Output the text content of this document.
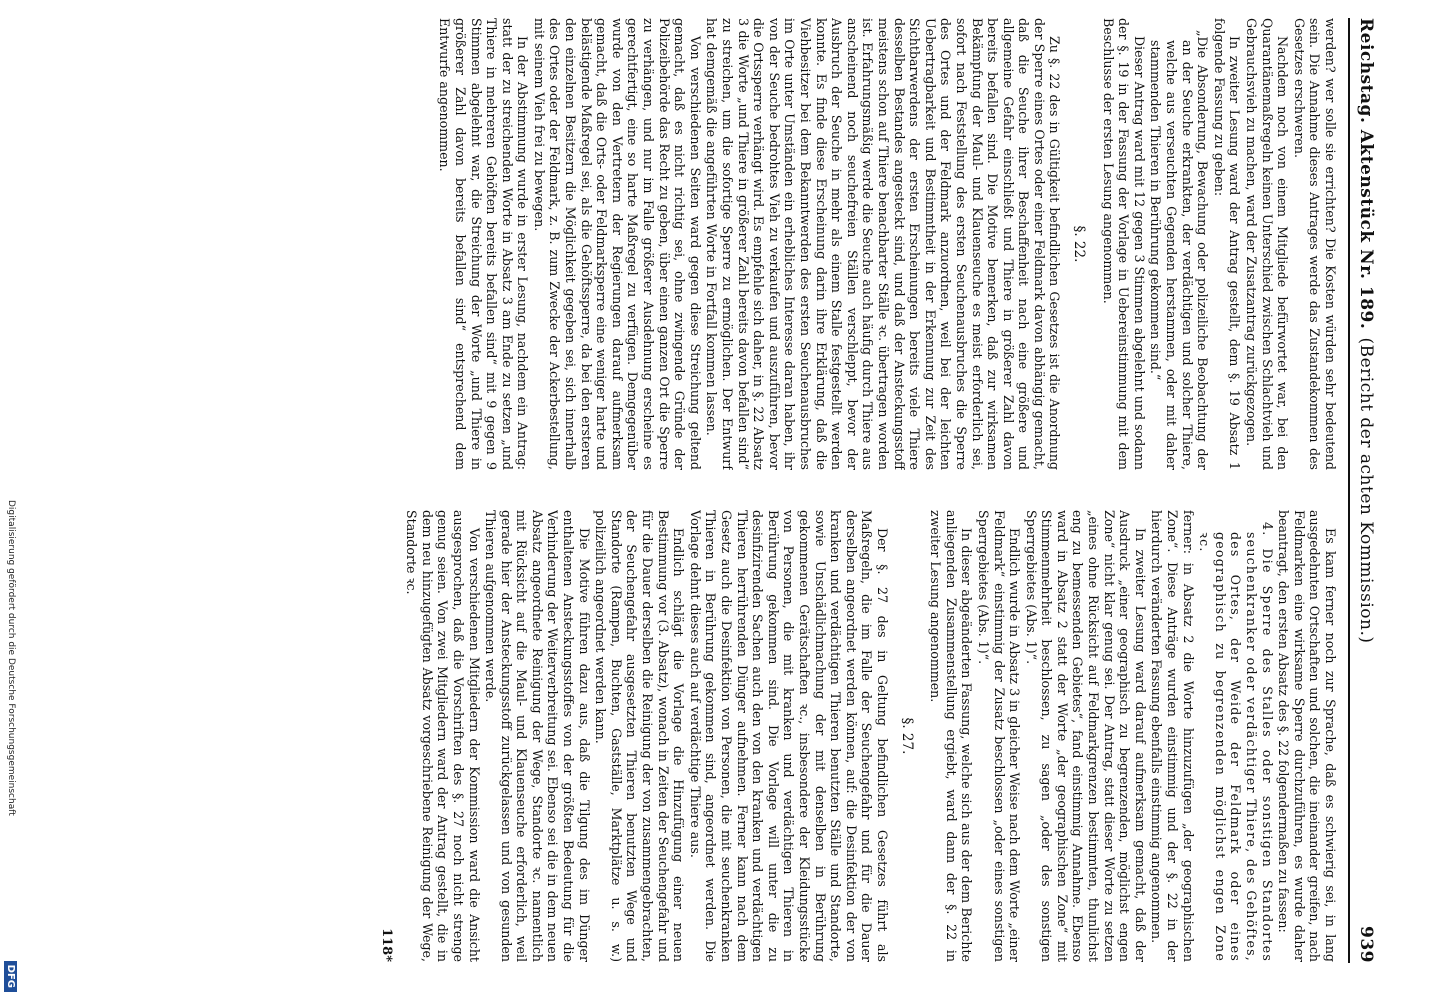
Reichstag. Aktenstück Nr. 189.
(Bericht der achten Kommission.)
939

werden? wer solle sie errichten? Die Kosten würden sehr bedeutend sein. Die Annahme dieses Antrages werde das Zustandekommen des Gesetzes erschweren.

Nachdem noch von einem Mitgliede befürwortet war, bei den Quarantänemaßregeln keinen Unterschied zwischen Schlachtvieh und Gebrauchsvieh zu machen, ward der Zusatzantrag zurückgezogen.

In zweiter Lesung ward der Antrag gestellt, dem §. 19 Absatz 1 folgende Fassung zu geben:

„Die Absonderung, Bewachung oder polizeiliche Beobachtung der an der Seuche erkrankten, der verdächtigen und solcher Thiere, welche aus verseuchten Gegenden herstammen, oder mit daher stammenden Thieren in Berührung gekommen sind.“

Dieser Antrag ward mit 12 gegen 3 Stimmen abgelehnt und sodann der §. 19 in der Fassung der Vorlage in Uebereinstimmung mit dem Beschlusse der ersten Lesung angenommen.

§. 22.

Zu §. 22 des in Gültigkeit befindlichen Gesetzes ist die Anordnung der Sperre eines Ortes oder einer Feldmark davon abhängig gemacht, daß die Seuche ihrer Beschaffenheit nach eine größere und allgemeine Gefahr einschließt und Thiere in größerer Zahl davon bereits befallen sind. Die Motive bemerken, daß zur wirksamen Bekämpfung der Maul- und Klauenseuche es meist erforderlich sei, sofort nach Feststellung des ersten Seuchenausbruches die Sperre des Ortes und der Feldmark anzuordnen, weil bei der leichten Uebertragbarkeit und Bestimmtheit in der Erkennung zur Zeit des Sichtbarwerdens der ersten Erscheinungen bereits viele Thiere desselben Bestandes angesteckt sind, und daß der Ansteckungsstoff meistens schon auf Thiere benachbarter Ställe ꝛc. übertragen worden ist. Erfahrungsmäßig werde die Seuche auch häufig durch Thiere aus anscheinend noch seuchefreien Ställen verschleppt, bevor der Ausbruch der Seuche in mehr als einem Stalle festgestellt werden konnte. Es finde diese Erscheinung darin ihre Erklärung, daß die Viehbesitzer bei dem Bekanntwerden des ersten Seuchenausbruches im Orte unter Umständen ein erhebliches Interesse daran haben, ihr von der Seuche bedrohtes Vieh zu verkaufen und auszuführen, bevor die Ortssperre verhängt wird. Es empfehle sich daher, in §. 22 Absatz 3 die Worte „und Thiere in größerer Zahl bereits davon befallen sind“ zu streichen, um die sofortige Sperre zu ermöglichen. Der Entwurf hat demgemäß die angeführten Worte in Fortfall kommen lassen.

Von verschiedenen Seiten ward gegen diese Streichung geltend gemacht, daß es nicht richtig sei, ohne zwingende Gründe der Polizeibehörde das Recht zu geben, über einen ganzen Ort die Sperre zu verhängen, und nur im Falle größerer Ausdehnung erscheine es gerechtfertigt, eine so harte Maßregel zu verfügen. Demgegenüber wurde von den Vertretern der Regierungen darauf aufmerksam gemacht, daß die Orts- oder Feldmarksperre eine weniger harte und belästigende Maßregel sei, als die Gehöftssperre, da bei den ersteren den einzelnen Besitzern die Möglichkeit gegeben sei, sich innerhalb des Ortes oder der Feldmark, z. B. zum Zwecke der Ackerbestellung, mit seinem Vieh frei zu bewegen.

In der Abstimmung wurde in erster Lesung, nachdem ein Antrag: statt der zu streichenden Worte in Absatz 3 am Ende zu setzen „und Thiere in mehreren Gehöften bereits befallen sind“ mit 9 gegen 9 Stimmen abgelehnt war, die Streichung der Worte „und Thiere in größerer Zahl davon bereits befallen sind“ entsprechend dem Entwurfe angenommen.

Es kam ferner noch zur Sprache, daß es schwierig sei, in lang ausgedehnten Ortschaften und solchen, die ineinander greifen, nach Feldmarken eine wirksame Sperre durchzuführen, es wurde daher beantragt, den ersten Absatz des §. 22 folgendermaßen zu fassen:

4. Die Sperre des Stalles oder sonstigen Standortes seuchenkranker oder verdächtiger Thiere, des Gehöftes, des Ortes, der Weide der Feldmark oder eines geographisch zu begrenzenden möglichst engen Zone ꝛc.

ferner: in Absatz 2 die Worte hinzuzufügen „der geographischen Zone“. Diese Anträge wurden einstimmig und der §. 22 in der hierdurch veränderten Fassung ebenfalls einstimmig angenommen.

In zweiter Lesung ward darauf aufmerksam gemacht, daß der Ausdruck „einer geographisch zu begrenzenden, möglichst engen Zone“ nicht klar genug sei. Der Antrag, statt dieser Worte zu setzen „eines ohne Rücksicht auf Feldmarkgrenzen bestimmten, thunlichst eng zu bemessenden Gebietes“, fand einstimmig Annahme. Ebenso ward in Absatz 2 statt der Worte „der geographischen Zone“ mit Stimmenmehrheit beschlossen, zu sagen „oder des sonstigen Sperrgebietes (Abs. 1)“.

Endlich wurde in Absatz 3 in gleicher Weise nach dem Worte „einer Feldmark“ einstimmig der Zusatz beschlossen „oder eines sonstigen Sperrgebietes (Abs. 1)“.

In dieser abgeänderten Fassung, welche sich aus der dem Berichte anliegenden Zusammenstellung ergiebt, ward dann der §. 22 in zweiter Lesung angenommen.

§. 27.

Der §. 27 des in Geltung befindlichen Gesetzes führt als Maßregeln, die im Falle der Seuchengefahr und für die Dauer derselben angeordnet werden können, auf: die Desinfektion der von kranken und verdächtigen Thieren benutzten Ställe und Standorte, sowie Unschädlichmachung der mit denselben in Berührung gekommenen Gerätschaften ꝛc., insbesondere der Kleidungsstücke von Personen, die mit kranken und verdächtigen Thieren in Berührung gekommen sind. Die Vorlage will unter die zu desinfizirenden Sachen auch den von den kranken und verdächtigen Thieren herrührenden Dünger aufnehmen. Ferner kann nach dem Gesetz auch die Desinfektion von Personen, die mit seuchenkranken Thieren in Berührung gekommen sind, angeordnet werden. Die Vorlage dehnt dieses auch auf verdächtige Thiere aus.

Endlich schlägt die Vorlage die Hinzufügung einer neuen Bestimmung vor (3. Absatz), wonach in Zeiten der Seuchengefahr und für die Dauer derselben die Reinigung der von zusammengebrachten, der Seuchengefahr ausgesetzten Thieren benutzten Wege und Standorte (Rampen, Buchten, Gastställe, Marktplätze u. s. w.) polizeilich angeordnet werden kann.

Die Motive führen dazu aus, daß die Tilgung des im Dünger enthaltenen Ansteckungsstoffes von der größten Bedeutung für die Verhinderung der Weiterverbreitung sei. Ebenso sei die in dem neuen Absatz angeordnete Reinigung der Wege, Standorte ꝛc. namentlich mit Rücksicht auf die Maul- und Klauenseuche erforderlich, weil gerade hier der Ansteckungsstoff zurückgelassen und von gesunden Thieren aufgenommen werde.

Von verschiedenen Mitgliedern der Kommission ward die Ansicht ausgesprochen, daß die Vorschriften des §. 27 noch nicht strenge genug seien. Von zwei Mitgliedern ward der Antrag gestellt, die in dem neu hinzugefügten Absatz vorgeschriebene Reinigung der Wege, Standorte ꝛc.

118*
Digitalisierung gefördert durch die Deutsche Forschungsgemeinschaft
DFG
